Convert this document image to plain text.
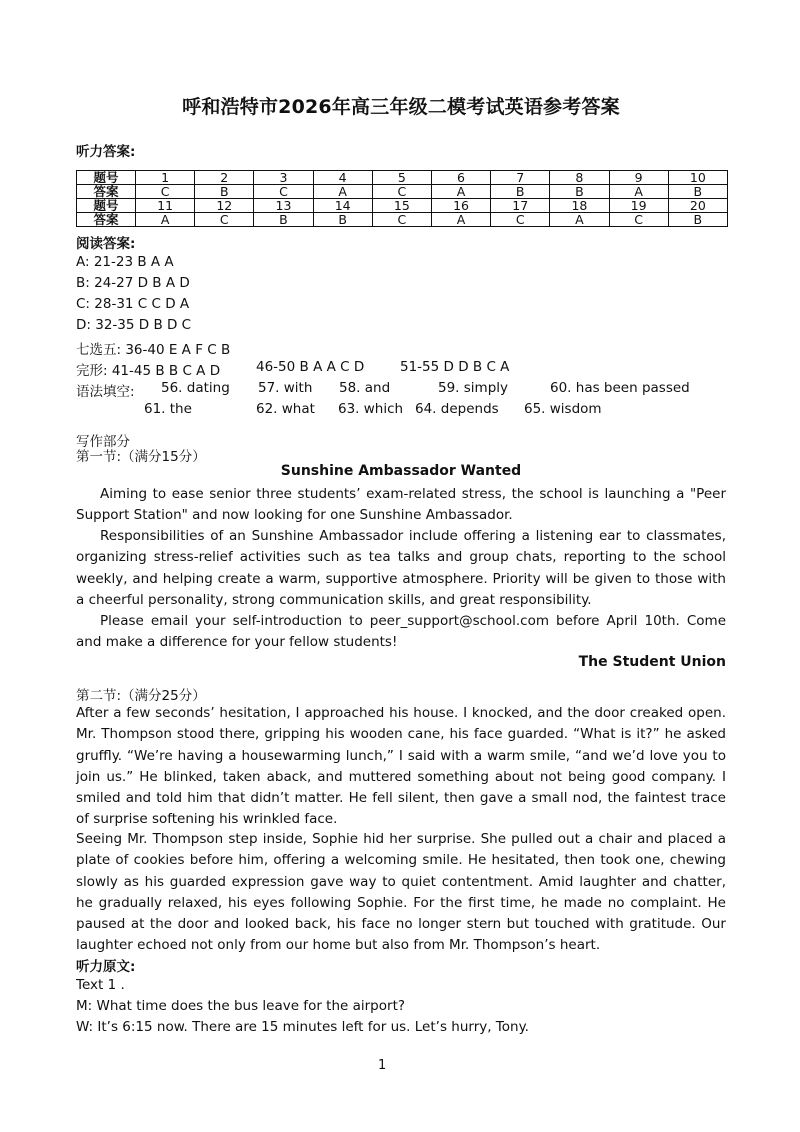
呼和浩特市2026年高三年级二模考试英语参考答案
听力答案:
题号	1	2	3	4	5	6	7	8	9	10
答案	C	B	C	A	C	A	B	B	A	B
题号	11	12	13	14	15	16	17	18	19	20
答案	A	C	B	B	C	A	C	A	C	B
阅读答案:
A: 21-23 B A A
B: 24-27 D B A D
C: 28-31 C C D A
D: 32-35 D B D C
七选五: 36-40 E A F C B
完形: 41-45 B B C A D	46-50 B A A C D	51-55 D D B C A
语法填空: 56. dating 57. with 58. and	59. simply	60. has been passed
61. the	62. what 63. which 64. depends 65. wisdom
写作部分
第一节:（满分15分）
Sunshine Ambassador Wanted
Aiming to ease senior three students’ exam-related stress, the school is launching a "Peer Support Station" and now looking for one Sunshine Ambassador.
Responsibilities of an Sunshine Ambassador include offering a listening ear to classmates, organizing stress-relief activities such as tea talks and group chats, reporting to the school weekly, and helping create a warm, supportive atmosphere. Priority will be given to those with a cheerful personality, strong communication skills, and great responsibility.
Please email your self-introduction to peer_support@school.com before April 10th. Come and make a difference for your fellow students!
The Student Union
第二节:（满分25分）
After a few seconds’ hesitation, I approached his house. I knocked, and the door creaked open. Mr. Thompson stood there, gripping his wooden cane, his face guarded. “What is it?” he asked gruffly. “We’re having a housewarming lunch,” I said with a warm smile, “and we’d love you to join us.” He blinked, taken aback, and muttered something about not being good company. I smiled and told him that didn’t matter. He fell silent, then gave a small nod, the faintest trace of surprise softening his wrinkled face.
Seeing Mr. Thompson step inside, Sophie hid her surprise. She pulled out a chair and placed a plate of cookies before him, offering a welcoming smile. He hesitated, then took one, chewing slowly as his guarded expression gave way to quiet contentment. Amid laughter and chatter, he gradually relaxed, his eyes following Sophie. For the first time, he made no complaint. He paused at the door and looked back, his face no longer stern but touched with gratitude. Our laughter echoed not only from our home but also from Mr. Thompson’s heart.
听力原文:
Text 1 .
M: What time does the bus leave for the airport?
W: It’s 6:15 now. There are 15 minutes left for us. Let’s hurry, Tony.
1
